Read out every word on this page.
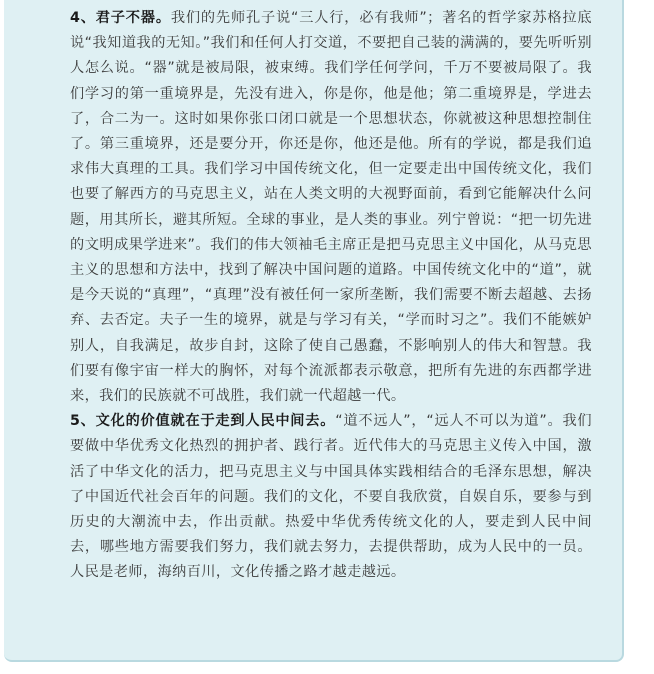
4、君子不器。我们的先师孔子说“三人行，必有我师”；著名的哲学家苏格拉底说“我知道我的无知。”我们和任何人打交道，不要把自己装的满满的，要先听听别人怎么说。“器”就是被局限，被束缚。我们学任何学问，千万不要被局限了。我们学习的第一重境界是，先没有进入，你是你，他是他；第二重境界是，学进去了，合二为一。这时如果你张口闭口就是一个思想状态，你就被这种思想控制住了。第三重境界，还是要分开，你还是你，他还是他。所有的学说，都是我们追求伟大真理的工具。我们学习中国传统文化，但一定要走出中国传统文化，我们也要了解西方的马克思主义，站在人类文明的大视野面前，看到它能解决什么问题，用其所长，避其所短。全球的事业，是人类的事业。列宁曾说：“把一切先进的文明成果学进来”。我们的伟大领袖毛主席正是把马克思主义中国化，从马克思主义的思想和方法中，找到了解决中国问题的道路。中国传统文化中的“道”，就是今天说的“真理”，“真理”没有被任何一家所垄断，我们需要不断去超越、去扬弃、去否定。夫子一生的境界，就是与学习有关，“学而时习之”。我们不能嫉妒别人，自我满足，故步自封，这除了使自己愚蠢，不影响别人的伟大和智慧。我们要有像宇宙一样大的胸怀，对每个流派都表示敬意，把所有先进的东西都学进来，我们的民族就不可战胜，我们就一代超越一代。

5、文化的价值就在于走到人民中间去。“道不远人”，“远人不可以为道”。我们要做中华优秀文化热烈的拥护者、践行者。近代伟大的马克思主义传入中国，激活了中华文化的活力，把马克思主义与中国具体实践相结合的毛泽东思想，解决了中国近代社会百年的问题。我们的文化，不要自我欣赏，自娱自乐，要参与到历史的大潮流中去，作出贡献。热爱中华优秀传统文化的人，要走到人民中间去，哪些地方需要我们努力，我们就去努力，去提供帮助，成为人民中的一员。人民是老师，海纳百川，文化传播之路才越走越远。
